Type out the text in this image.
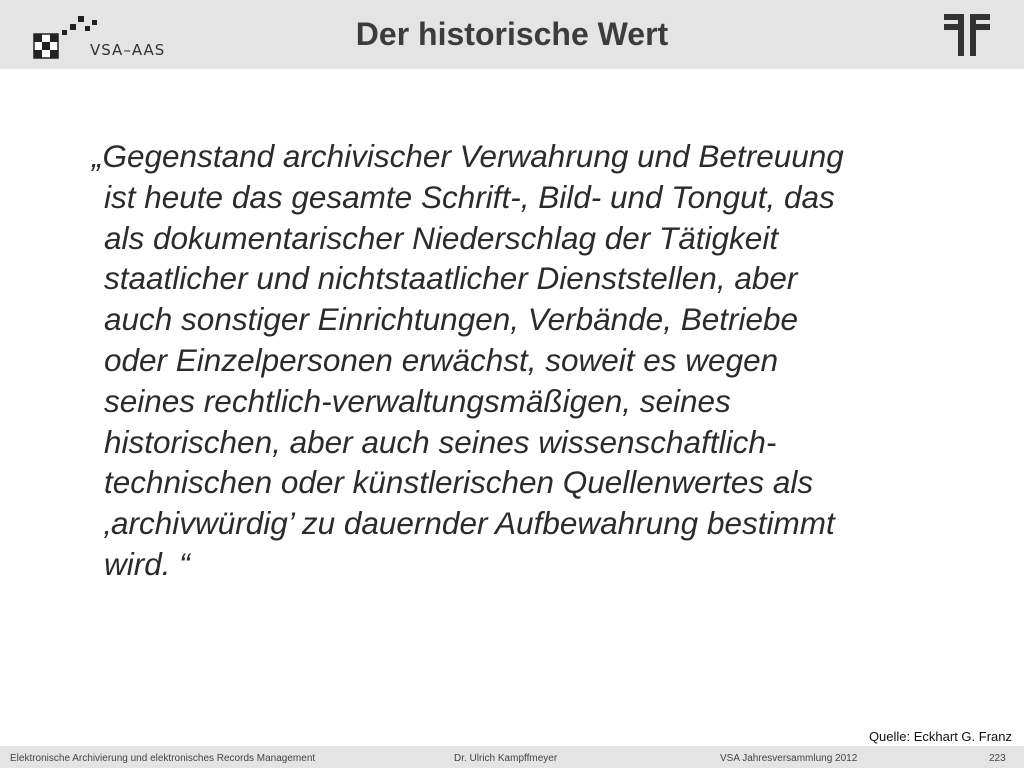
VSA–AAS	Der historische Wert
„Gegenstand archivischer Verwahrung und Betreuung
ist heute das gesamte Schrift-, Bild- und Tongut, das
als dokumentarischer Niederschlag der Tätigkeit
staatlicher und nichtstaatlicher Dienststellen, aber
auch sonstiger Einrichtungen, Verbände, Betriebe
oder Einzelpersonen erwächst, soweit es wegen
seines rechtlich-verwaltungsmäßigen, seines
historischen, aber auch seines wissenschaftlich-
technischen oder künstlerischen Quellenwertes als
‚archivwürdig’ zu dauernder Aufbewahrung bestimmt
wird. “
Quelle: Eckhart G. Franz
Elektronische Archivierung und elektronisches Records Management	Dr. Ulrich Kampffmeyer	VSA Jahresversammlung 2012	223
